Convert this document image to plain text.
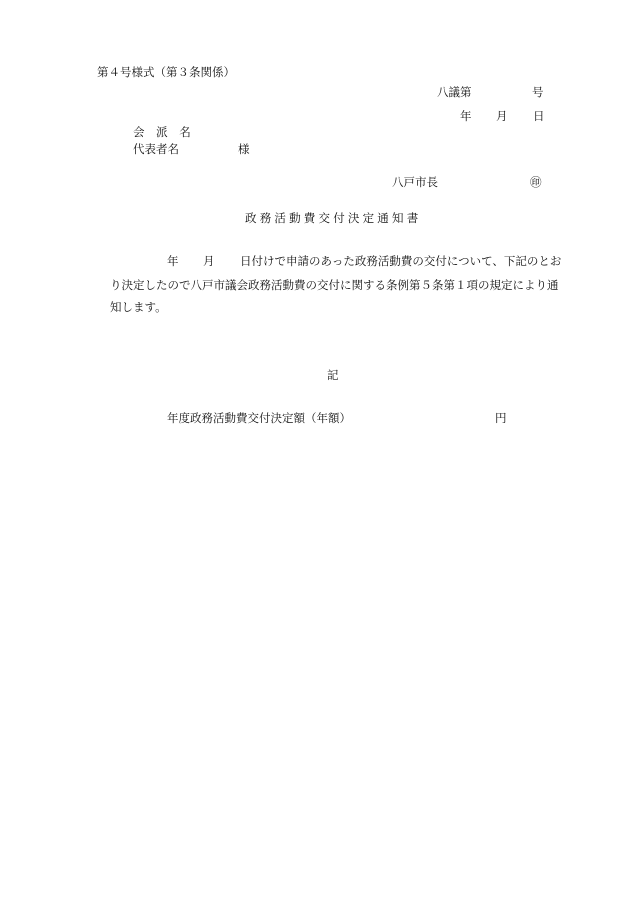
第４号様式（第３条関係）
八議第	号
年 月 日
会 派 名
代表者名	様
八戸市長	㊞
政務活動費交付決定通知書
年 月 日付けで申請のあった政務活動費の交付について、下記のとお
り決定したので八戸市議会政務活動費の交付に関する条例第５条第１項の規定により通
知します。
記
年度政務活動費交付決定額（年額）	円
